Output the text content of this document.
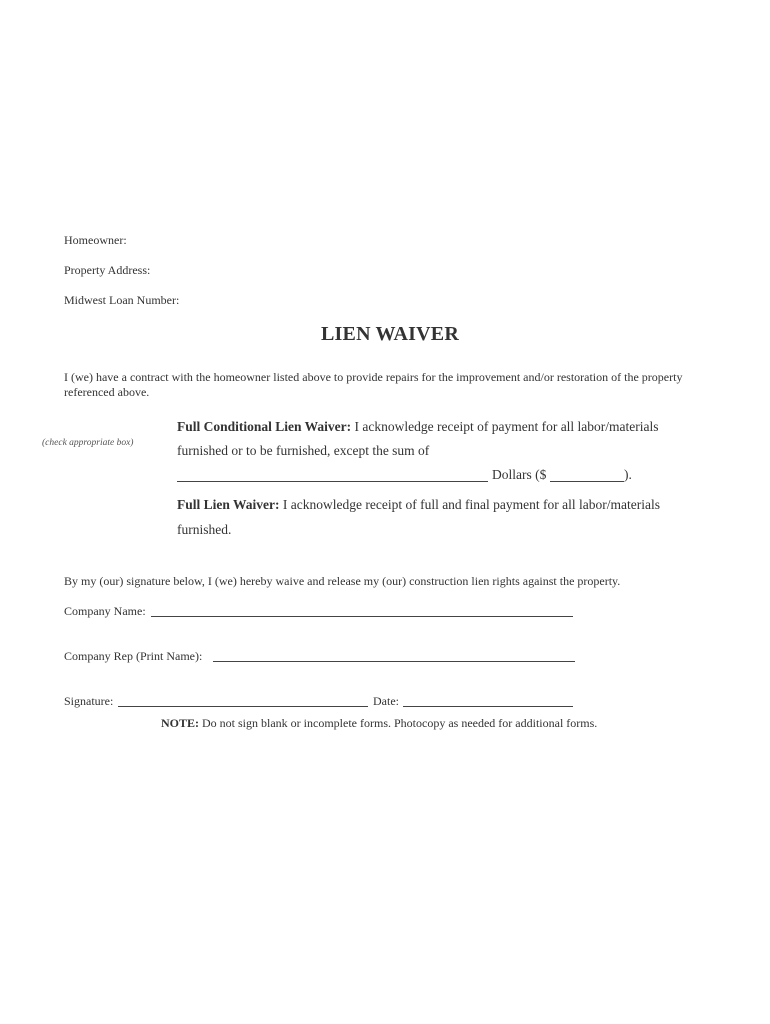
Homeowner:
Property Address:
Midwest Loan Number:
LIEN WAIVER
I (we) have a contract with the homeowner listed above to provide repairs for the improvement and/or restoration of the property
referenced above.
(check appropriate box)
Full Conditional Lien Waiver: I acknowledge receipt of payment for all labor/materials
furnished or to be furnished, except the sum of
Dollars ($	).
Full Lien Waiver: I acknowledge receipt of full and final payment for all labor/materials
furnished.
By my (our) signature below, I (we) hereby waive and release my (our) construction lien rights against the property.
Company Name:
Company Rep (Print Name):
Signature:	Date:
NOTE: Do not sign blank or incomplete forms. Photocopy as needed for additional forms.
